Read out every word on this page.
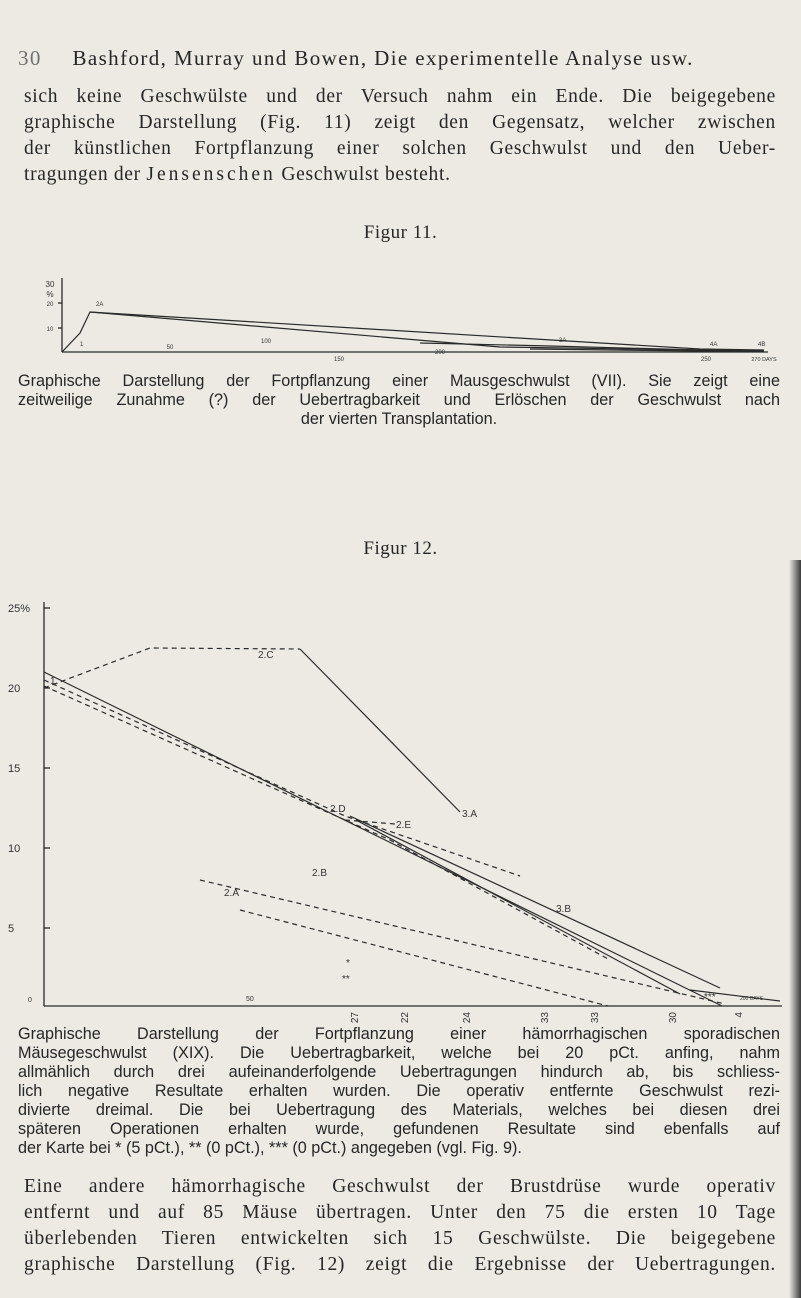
30 Bashford, Murray und Bowen, Die experimentelle Analyse usw.
sich keine Geschwülste und der Versuch nahm ein Ende. Die beigegebene
graphische Darstellung (Fig. 11) zeigt den Gegensatz, welcher zwischen
der künstlichen Fortpflanzung einer solchen Geschwulst und den Ueber-
tragungen der Jensenschen Geschwulst besteht.
Figur 11.
30
%
20
10
50
100
150
200
250	270 DAYS
1
2A
3A
4A	4B
Graphische Darstellung der Fortpflanzung einer Mausgeschwulst (VII). Sie zeigt eine
zeitweilige Zunahme (?) der Uebertragbarkeit und Erlöschen der Geschwulst nach
der vierten Transplantation.
Figur 12.
25%
20
15
10
5
0	50
27	22	24	33	33	30	4
1.
2.C
3.A
2.D
2.E
2.B
2.A
3.B
*
**
***	200 DAYS
Graphische Darstellung der Fortpflanzung einer hämorrhagischen sporadischen
Mäusegeschwulst (XIX). Die Uebertragbarkeit, welche bei 20 pCt. anfing, nahm
allmählich durch drei aufeinanderfolgende Uebertragungen hindurch ab, bis schliess-
lich negative Resultate erhalten wurden. Die operativ entfernte Geschwulst rezi-
divierte dreimal. Die bei Uebertragung des Materials, welches bei diesen drei
späteren Operationen erhalten wurde, gefundenen Resultate sind ebenfalls auf
der Karte bei * (5 pCt.), ** (0 pCt.), *** (0 pCt.) angegeben (vgl. Fig. 9).
Eine andere hämorrhagische Geschwulst der Brustdrüse wurde operativ
entfernt und auf 85 Mäuse übertragen. Unter den 75 die ersten 10 Tage
überlebenden Tieren entwickelten sich 15 Geschwülste. Die beigegebene
graphische Darstellung (Fig. 12) zeigt die Ergebnisse der Uebertragungen.
